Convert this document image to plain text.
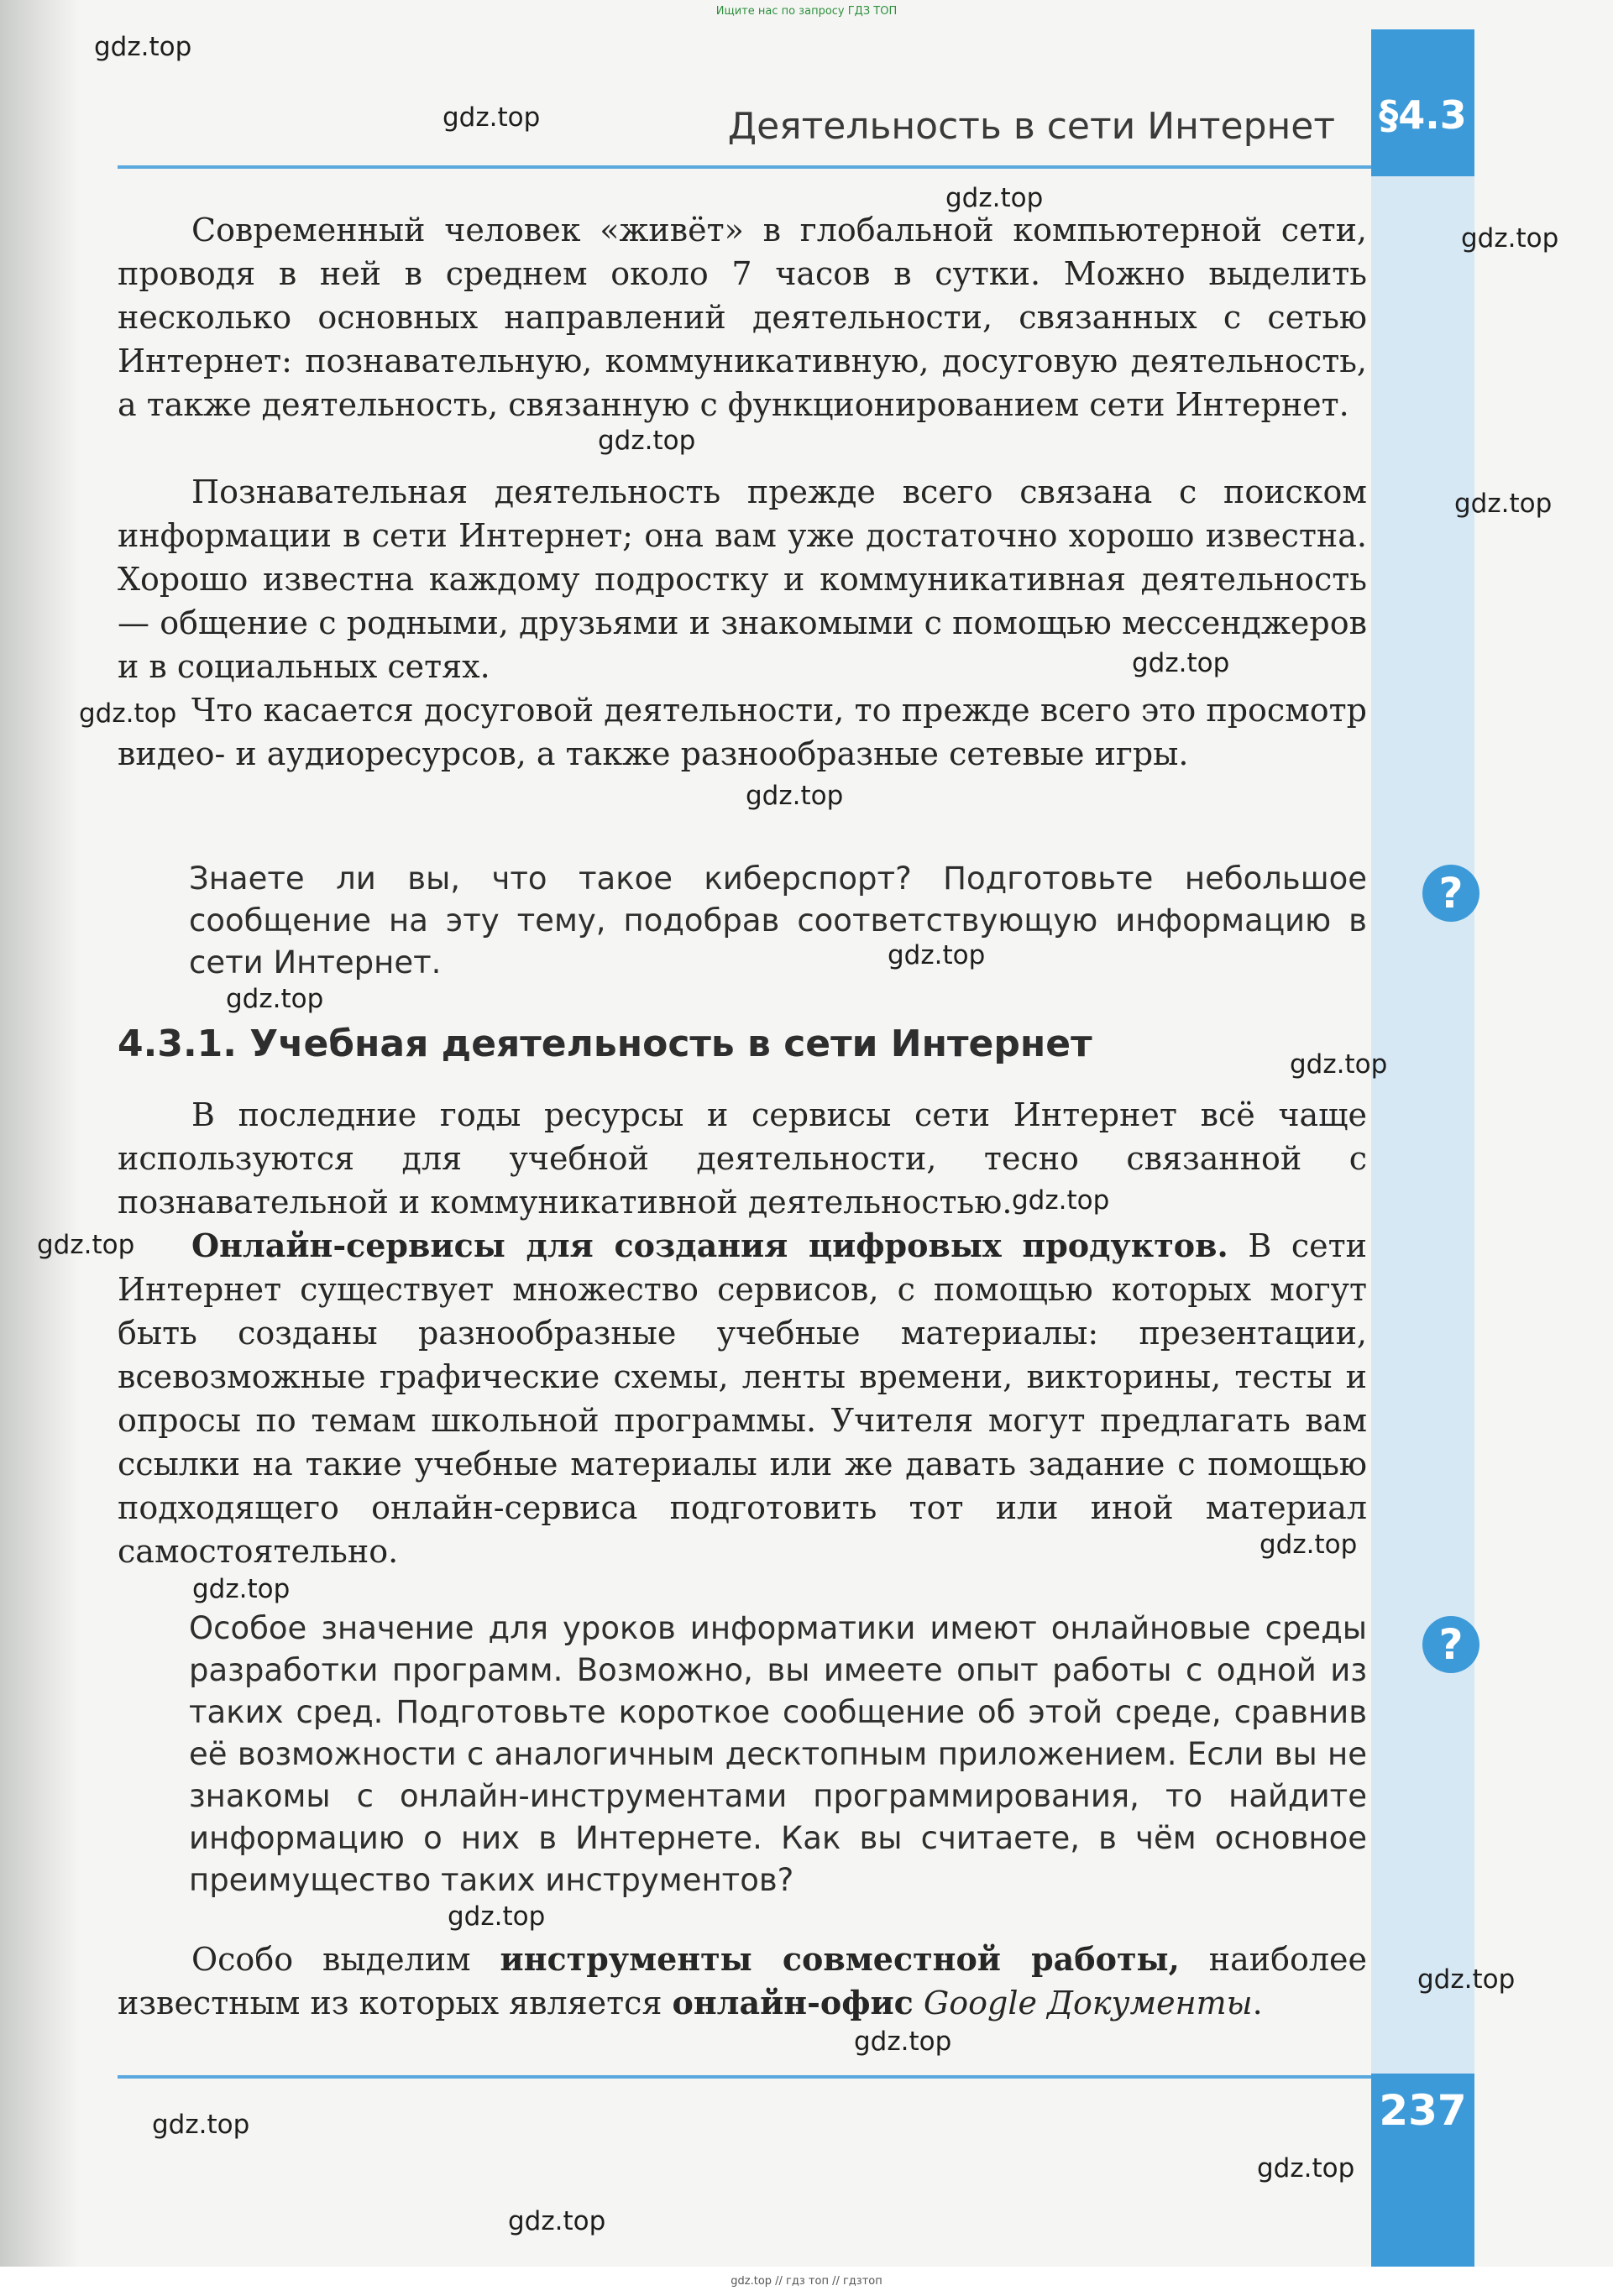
Ищите нас по запросу ГДЗ ТОП
§4.3
Деятельность в сети Интернет
Современный человек «живёт» в глобальной компьютерной сети, проводя в ней в среднем около 7 часов в сутки. Можно выделить несколько основных направлений деятельности, связанных с сетью Интернет: познавательную, коммуникативную, досуговую деятельность, а также деятельность, связанную с функционированием сети Интернет.
Познавательная деятельность прежде всего связана с поиском информации в сети Интернет; она вам уже достаточно хорошо известна. Хорошо известна каждому подростку и коммуникативная деятельность — общение с родными, друзьями и знакомыми с помощью мессенджеров и в социальных сетях.
Что касается досуговой деятельности, то прежде всего это просмотр видео- и аудиоресурсов, а также разнообразные сетевые игры.
Знаете ли вы, что такое киберспорт? Подготовьте небольшое сообщение на эту тему, подобрав соответствующую информацию в сети Интернет.
?
4.3.1. Учебная деятельность в сети Интернет
В последние годы ресурсы и сервисы сети Интернет всё чаще используются для учебной деятельности, тесно связанной с познавательной и коммуникативной деятельностью.
Онлайн-сервисы для создания цифровых продуктов. В сети Интернет существует множество сервисов, с помощью которых могут быть созданы разнообразные учебные материалы: презентации, всевозможные графические схемы, ленты времени, викторины, тесты и опросы по темам школьной программы. Учителя могут предлагать вам ссылки на такие учебные материалы или же давать задание с помощью подходящего онлайн-сервиса подготовить тот или иной материал самостоятельно.
Особое значение для уроков информатики имеют онлайновые среды разработки программ. Возможно, вы имеете опыт работы с одной из таких сред. Подготовьте короткое сообщение об этой среде, сравнив её возможности с аналогичным десктопным приложением. Если вы не знакомы с онлайн-инструментами программирования, то найдите информацию о них в Интернете. Как вы считаете, в чём основное преимущество таких инструментов?
?
Особо выделим инструменты совместной работы, наиболее известным из которых является онлайн-офис Google Документы.
237
gdz.top // гдз топ // гдзтоп
gdz.top
gdz.top
gdz.top
gdz.top
gdz.top
gdz.top
gdz.top
gdz.top
gdz.top
gdz.top
gdz.top
gdz.top
gdz.top
gdz.top
gdz.top
gdz.top
gdz.top
gdz.top
gdz.top
gdz.top
gdz.top
gdz.top
